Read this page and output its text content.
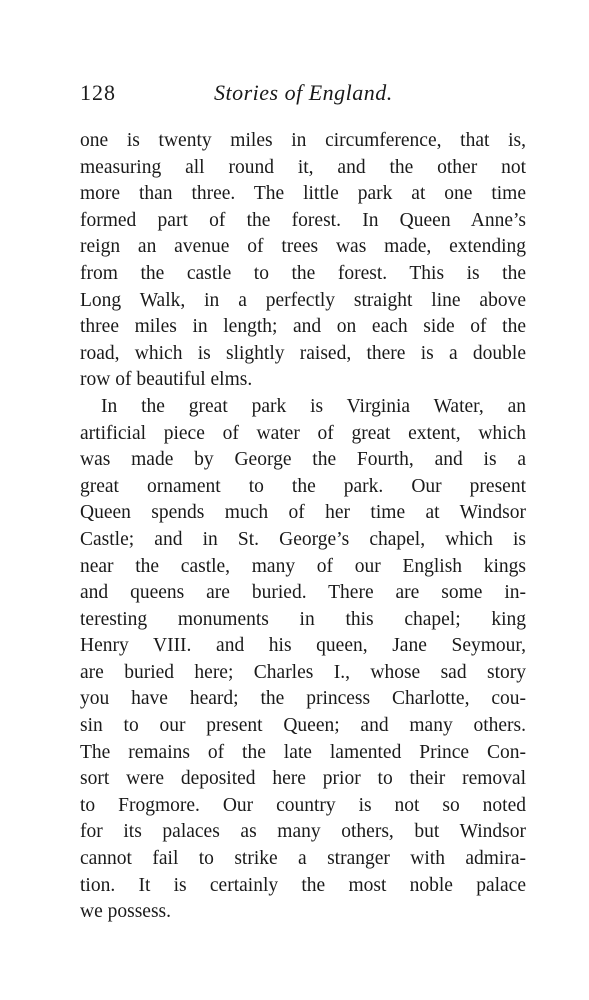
128	Stories of England.
one is twenty miles in circumference, that is,
measuring all round it, and the other not
more than three. The little park at one time
formed part of the forest. In Queen Anne’s
reign an avenue of trees was made, extending
from the castle to the forest. This is the
Long Walk, in a perfectly straight line above
three miles in length; and on each side of the
road, which is slightly raised, there is a double
row of beautiful elms.
In the great park is Virginia Water, an
artificial piece of water of great extent, which
was made by George the Fourth, and is a
great ornament to the park. Our present
Queen spends much of her time at Windsor
Castle; and in St. George’s chapel, which is
near the castle, many of our English kings
and queens are buried. There are some in-
teresting monuments in this chapel; king
Henry VIII. and his queen, Jane Seymour,
are buried here; Charles I., whose sad story
you have heard; the princess Charlotte, cou-
sin to our present Queen; and many others.
The remains of the late lamented Prince Con-
sort were deposited here prior to their removal
to Frogmore. Our country is not so noted
for its palaces as many others, but Windsor
cannot fail to strike a stranger with admira-
tion. It is certainly the most noble palace
we possess.
